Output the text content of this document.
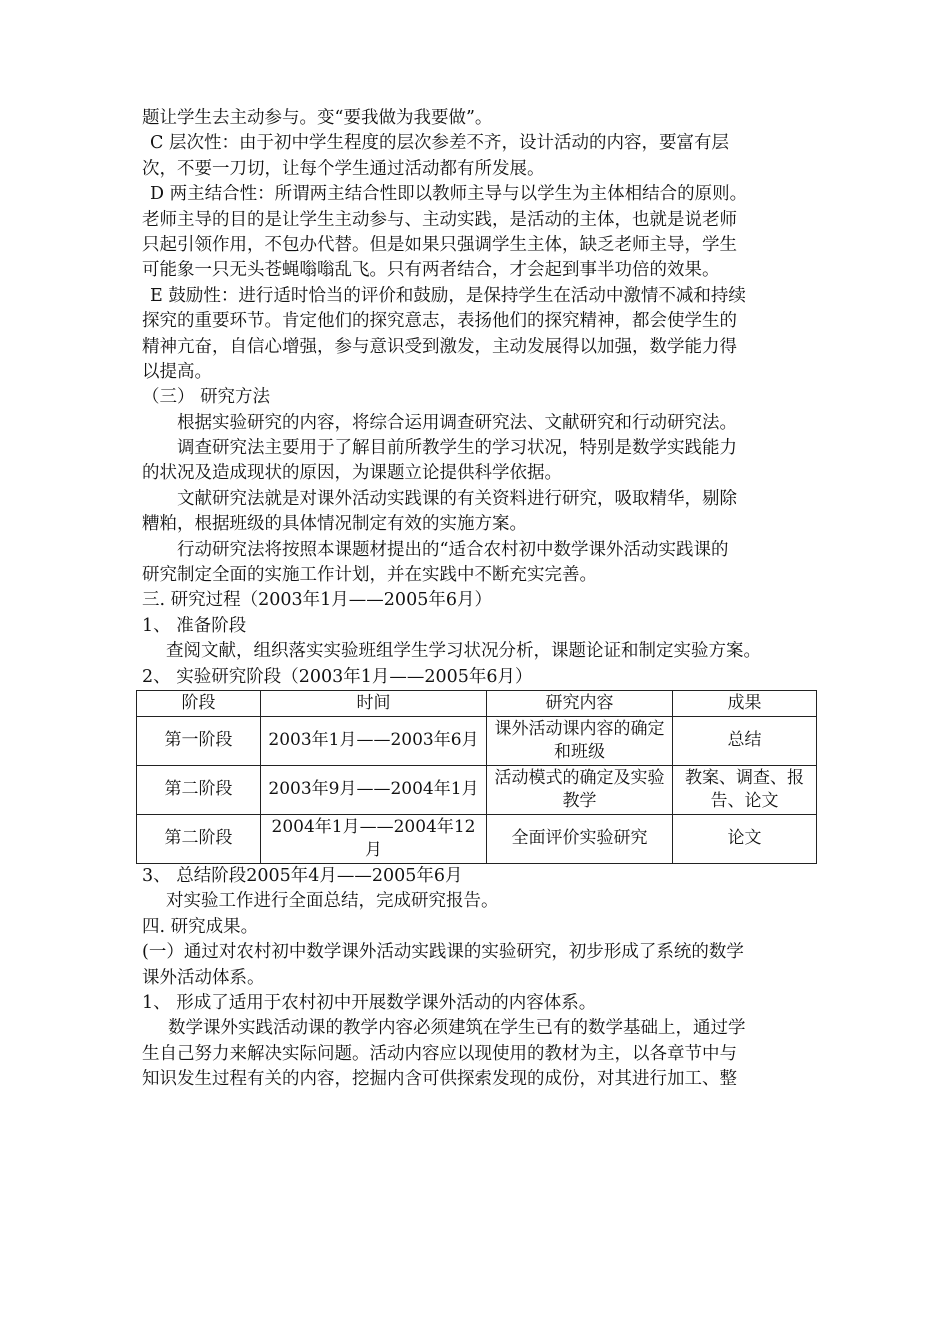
题让学生去主动参与。变“要我做为我要做”。
C 层次性：由于初中学生程度的层次参差不齐，设计活动的内容，要富有层
次，不要一刀切，让每个学生通过活动都有所发展。
D 两主结合性：所谓两主结合性即以教师主导与以学生为主体相结合的原则。
老师主导的目的是让学生主动参与、主动实践，是活动的主体，也就是说老师
只起引领作用，不包办代替。但是如果只强调学生主体，缺乏老师主导，学生
可能象一只无头苍蝇嗡嗡乱飞。只有两者结合，才会起到事半功倍的效果。
E 鼓励性：进行适时恰当的评价和鼓励，是保持学生在活动中激情不减和持续
探究的重要环节。肯定他们的探究意志，表扬他们的探究精神，都会使学生的
精神亢奋，自信心增强，参与意识受到激发，主动发展得以加强，数学能力得
以提高。
（三） 研究方法
根据实验研究的内容，将综合运用调查研究法、文献研究和行动研究法。
调查研究法主要用于了解目前所教学生的学习状况，特别是数学实践能力
的状况及造成现状的原因，为课题立论提供科学依据。
文献研究法就是对课外活动实践课的有关资料进行研究，吸取精华，剔除
糟粕，根据班级的具体情况制定有效的实施方案。
行动研究法将按照本课题材提出的“适合农村初中数学课外活动实践课的
研究制定全面的实施工作计划，并在实践中不断充实完善。
三. 研究过程（2003年1月——2005年6月）
1、 准备阶段
查阅文献，组织落实实验班组学生学习状况分析，课题论证和制定实验方案。
2、 实验研究阶段（2003年1月——2005年6月）
阶段	时间	研究内容	成果
第一阶段	2003年1月——2003年6月	课外活动课内容的确定和班级	总结
第二阶段	2003年9月——2004年1月	活动模式的确定及实验教学	教案、调查、报告、论文
第二阶段	2004年1月——2004年12月	全面评价实验研究	论文
3、 总结阶段2005年4月——2005年6月
对实验工作进行全面总结，完成研究报告。
四. 研究成果。
(一）通过对农村初中数学课外活动实践课的实验研究，初步形成了系统的数学
课外活动体系。
1、 形成了适用于农村初中开展数学课外活动的内容体系。
数学课外实践活动课的教学内容必须建筑在学生已有的数学基础上，通过学
生自己努力来解决实际问题。活动内容应以现使用的教材为主，以各章节中与
知识发生过程有关的内容，挖掘内含可供探索发现的成份，对其进行加工、整
